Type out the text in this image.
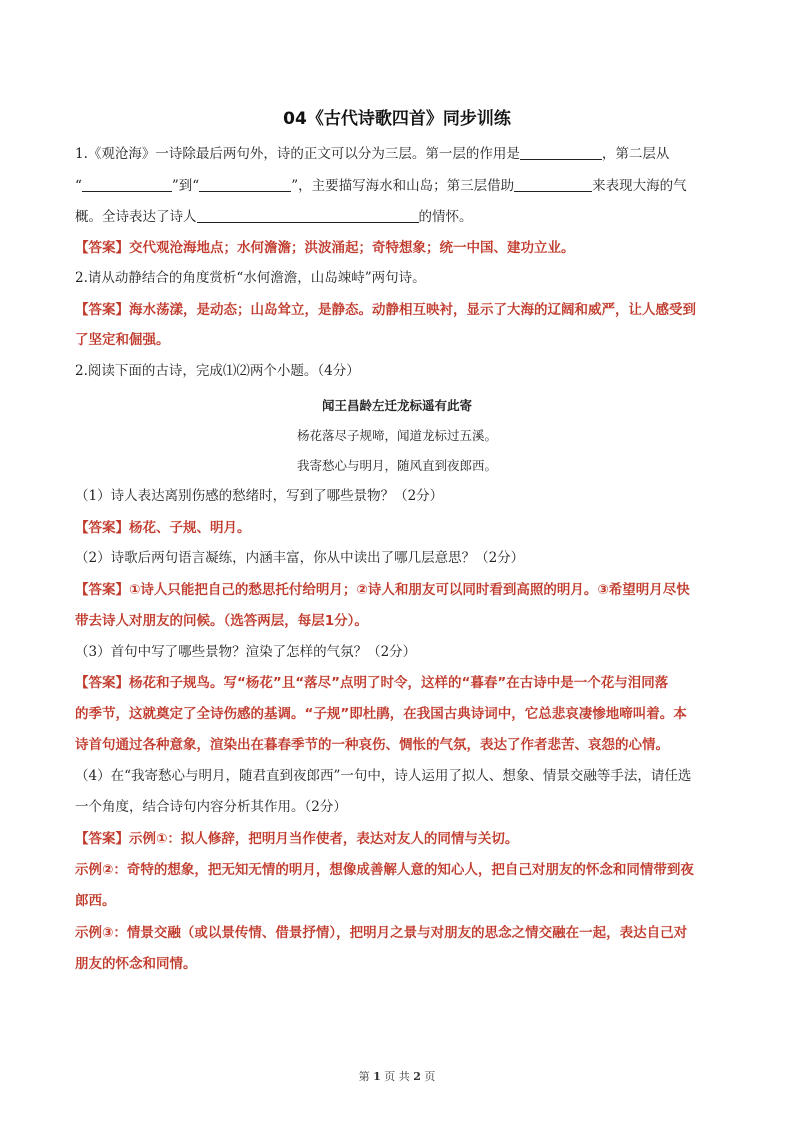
04《古代诗歌四首》同步训练
1.《观沧海》一诗除最后两句外，诗的正文可以分为三层。第一层的作用是	，第二层从
“	”到“	”，主要描写海水和山岛；第三层借助	来表现大海的气
概。全诗表达了诗人	的情怀。
【答案】交代观沧海地点；水何澹澹；洪波涌起；奇特想象；统一中国、建功立业。
2.请从动静结合的角度赏析“水何澹澹，山岛竦峙”两句诗。
【答案】海水荡漾，是动态；山岛耸立，是静态。动静相互映衬，显示了大海的辽阔和威严，让人感受到
了坚定和倔强。
2.阅读下面的古诗，完成⑴⑵两个小题。（4分）
闻王昌龄左迁龙标遥有此寄
杨花落尽子规啼，闻道龙标过五溪。
我寄愁心与明月，随风直到夜郎西。
（1）诗人表达离别伤感的愁绪时，写到了哪些景物？（2分）
【答案】杨花、子规、明月。
（2）诗歌后两句语言凝练，内涵丰富，你从中读出了哪几层意思？（2分）
【答案】①诗人只能把自己的愁思托付给明月；②诗人和朋友可以同时看到高照的明月。③希望明月尽快
带去诗人对朋友的问候。（选答两层，每层1分）。
（3）首句中写了哪些景物？渲染了怎样的气氛？（2分）
【答案】杨花和子规鸟。写“杨花”且“落尽”点明了时令，这样的“暮春”在古诗中是一个花与泪同落
的季节，这就奠定了全诗伤感的基调。“子规”即杜鹃，在我国古典诗词中，它总悲哀凄惨地啼叫着。本
诗首句通过各种意象，渲染出在暮春季节的一种哀伤、惆怅的气氛，表达了作者悲苦、哀怨的心情。
（4）在“我寄愁心与明月，随君直到夜郎西”一句中，诗人运用了拟人、想象、情景交融等手法，请任选
一个角度，结合诗句内容分析其作用。（2分）
【答案】示例①：拟人修辞，把明月当作使者，表达对友人的同情与关切。
示例②：奇特的想象，把无知无情的明月，想像成善解人意的知心人，把自己对朋友的怀念和同情带到夜
郎西。
示例③：情景交融（或以景传情、借景抒情），把明月之景与对朋友的思念之情交融在一起，表达自己对
朋友的怀念和同情。
第 1 页 共 2 页
